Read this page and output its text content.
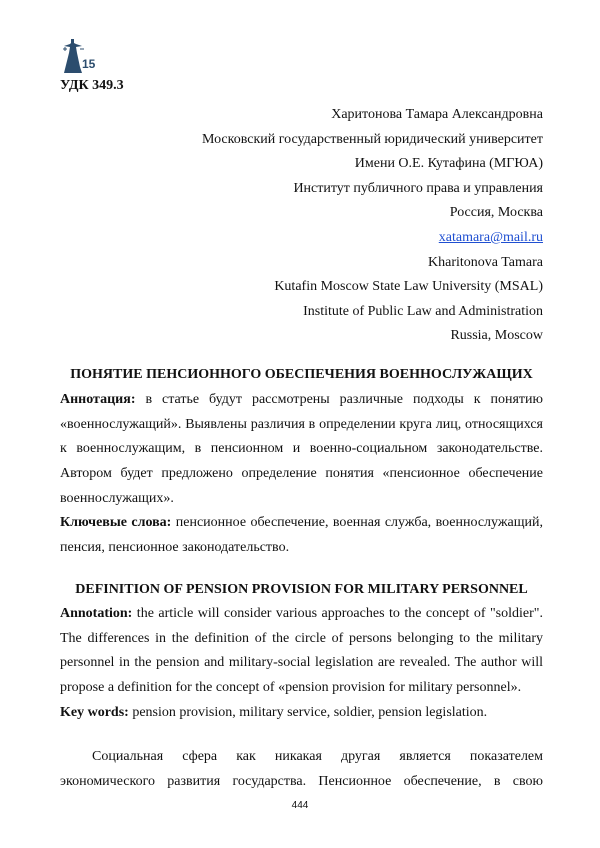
15
УДК 349.3
Харитонова Тамара Александровна
Московский государственный юридический университет
Имени О.Е. Кутафина (МГЮА)
Институт публичного права и управления
Россия, Москва
xatamara@mail.ru
Kharitonova Tamara
Kutafin Moscow State Law University (MSAL)
Institute of Public Law and Administration
Russia, Moscow
ПОНЯТИЕ ПЕНСИОННОГО ОБЕСПЕЧЕНИЯ ВОЕННОСЛУЖАЩИХ
Аннотация: в статье будут рассмотрены различные подходы к понятию
«военнослужащий». Выявлены различия в определении круга лиц, относящихся
к военнослужащим, в пенсионном и военно-социальном законодательстве.
Автором будет предложено определение понятия «пенсионное обеспечение
военнослужащих».
Ключевые слова: пенсионное обеспечение, военная служба, военнослужащий,
пенсия, пенсионное законодательство.
DEFINITION OF PENSION PROVISION FOR MILITARY PERSONNEL
Annotation: the article will consider various approaches to the concept of "soldier".
The differences in the definition of the circle of persons belonging to the military
personnel in the pension and military-social legislation are revealed. The author will
propose a definition for the concept of «pension provision for military personnel».
Key words: pension provision, military service, soldier, pension legislation.
Социальная сфера как никакая другая является показателем
экономического развития государства. Пенсионное обеспечение, в свою
444
